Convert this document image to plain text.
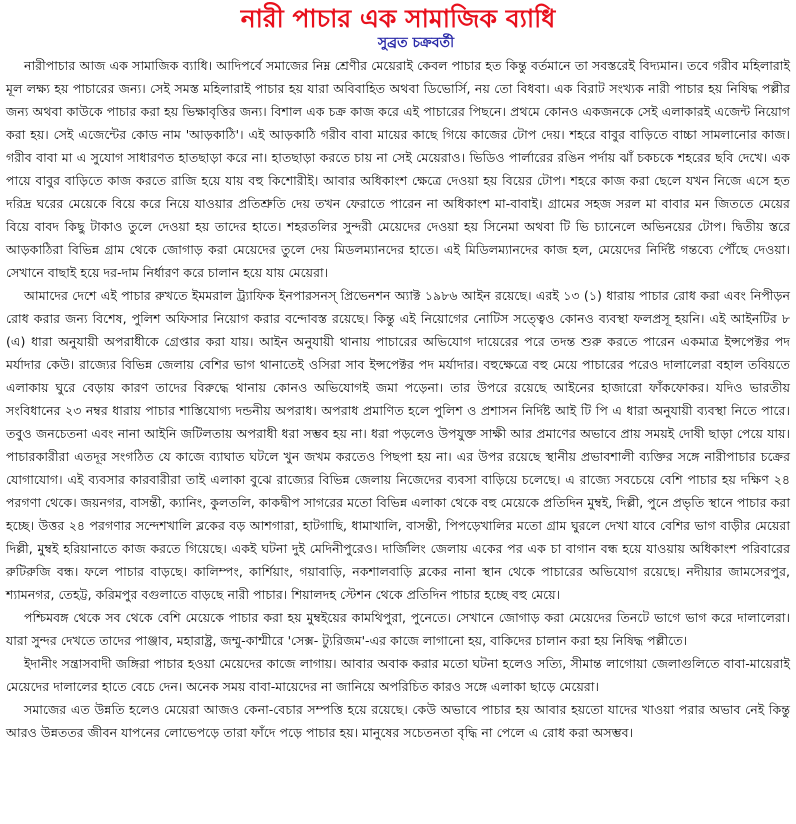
নারী পাচার এক সামাজিক ব্যাধি
সুব্রত চক্রবর্তী

নারীপাচার আজ এক সামাজিক ব্যাধি। আদিপর্বে সমাজের নিম্ন শ্রেণীর মেয়েরাই কেবল পাচার হত কিন্তু বর্তমানে তা সবস্তরেই বিদ্যমান। তবে গরীব মহিলারাই মূল লক্ষ্য হয় পাচারের জন্য। সেই সমস্ত মহিলারাই পাচার হয় যারা অবিবাহিত অথবা ডিভোর্সি, নয় তো বিধবা। এক বিরাট সংখ্যক নারী পাচার হয় নিষিদ্ধ পল্লীর জন্য অথবা কাউকে পাচার করা হয় ভিক্ষাবৃত্তির জন্য। বিশাল এক চক্র কাজ করে এই পাচারের পিছনে। প্রথমে কোনও একজনকে সেই এলাকারই এজেন্ট নিয়োগ করা হয়। সেই এজেন্টের কোড নাম 'আড়কাঠি'। এই আড়কাঠি গরীব বাবা মায়ের কাছে গিয়ে কাজের টোপ দেয়। শহরে বাবুর বাড়িতে বাচ্চা সামলানোর কাজ। গরীব বাবা মা এ সুযোগ সাধারণত হাতছাড়া করে না। হাতছাড়া করতে চায় না সেই মেয়েরাও। ভিডিও পার্লারের রঙিন পর্দায় ঝাঁ চকচকে শহরের ছবি দেখে। এক পায়ে বাবুর বাড়িতে কাজ করতে রাজি হয়ে যায় বহু কিশোরীই। আবার অধিকাংশ ক্ষেত্রে দেওয়া হয় বিয়ের টোপ। শহরে কাজ করা ছেলে যখন নিজে এসে হত দরিদ্র ঘরের মেয়েকে বিয়ে করে নিয়ে যাওয়ার প্রতিশ্রুতি দেয় তখন ফেরাতে পারেন না অধিকাংশ মা-বাবাই। গ্রামের সহজ সরল মা বাবার মন জিততে মেয়ের বিয়ে বাবদ কিছু টাকাও তুলে দেওয়া হয় তাদের হাতে। শহরতলির সুন্দরী মেয়েদের দেওয়া হয় সিনেমা অথবা টি ভি চ্যানেলে অভিনয়ের টোপ। দ্বিতীয় স্তরে আড়কাঠিরা বিভিন্ন গ্রাম থেকে জোগাড় করা মেয়েদের তুলে দেয় মিডলম্যানদের হাতে। এই মিডিলম্যানদের কাজ হল, মেয়েদের নির্দিষ্ট গন্তব্যে পৌঁছে দেওয়া। সেখানে বাছাই হয়ে দর-দাম নির্ধারণ করে চালান হয়ে যায় মেয়েরা।

আমাদের দেশে এই পাচার রুখতে ইমমরাল ট্র্যাফিক ইনপারসনস্‌ প্রিভেনশন অ্যাক্ট ১৯৮৬ আইন রয়েছে। এরই ১৩ (১) ধারায় পাচার রোধ করা এবং নিপীড়ন রোধ করার জন্য বিশেষ, পুলিশ অফিসার নিয়োগ করার বন্দোবস্ত রয়েছে। কিন্তু এই নিয়োগের নোটিস সত্ত্বেও কোনও ব্যবস্থা ফলপ্রসূ হয়নি। এই আইনটির ৮ (এ) ধারা অনুযায়ী অপরাধীকে গ্রেপ্তার করা যায়। আইন অনুযায়ী থানায় পাচারের অভিযোগ দায়েরের পরে তদন্ত শুরু করতে পারেন একমাত্র ইন্সপেক্টর পদ মর্যাদার কেউ। রাজ্যের বিভিন্ন জেলায় বেশির ভাগ থানাতেই ওসিরা সাব ইন্সপেক্টর পদ মর্যাদার। বহুক্ষেত্রে বহু মেয়ে পাচারের পরেও দালালেরা বহাল তবিয়তে এলাকায় ঘুরে বেড়ায় কারণ তাদের বিরুদ্ধে থানায় কোনও অভিযোগই জমা পড়েনা। তার উপরে রয়েছে আইনের হাজারো ফাঁকফোকর। যদিও ভারতীয় সংবিধানের ২৩ নম্বর ধারায় পাচার শাস্তিযোগ্য দন্ডনীয় অপরাধ। অপরাধ প্রমাণিত হলে পুলিশ ও প্রশাসন নির্দিষ্ট আই টি পি এ ধারা অনুযায়ী ব্যবস্থা নিতে পারে। তবুও জনচেতনা এবং নানা আইনি জটিলতায় অপরাধী ধরা সম্ভব হয় না। ধরা পড়লেও উপযুক্ত সাক্ষী আর প্রমাণের অভাবে প্রায় সময়ই দোষী ছাড়া পেয়ে যায়। পাচারকারীরা এতদূর সংগঠিত যে কাজে ব্যাঘাত ঘটলে খুন জখম করতেও পিছপা হয় না। এর উপর রয়েছে স্থানীয় প্রভাবশালী ব্যক্তির সঙ্গে নারীপাচার চক্রের যোগাযোগ। এই ব্যবসার কারবারীরা তাই এলাকা বুঝে রাজ্যের বিভিন্ন জেলায় নিজেদের ব্যবসা বাড়িয়ে চলেছে। এ রাজ্যে সবচেয়ে বেশি পাচার হয় দক্ষিণ ২৪ পরগণা থেকে। জয়নগর, বাসন্তী, ক্যানিং, কুলতলি, কাকদ্বীপ সাগরের মতো বিভিন্ন এলাকা থেকে বহু মেয়েকে প্রতিদিন মুম্বই, দিল্লী, পুনে প্রভৃতি স্থানে পাচার করা হচ্ছে। উত্তর ২৪ পরগণার সন্দেশখালি ব্লকের বড় আশগারা, হাটগাছি, ধামাখালি, বাসন্তী, পিপড়েখালির মতো গ্রাম ঘুরলে দেখা যাবে বেশির ভাগ বাড়ীর মেয়েরা দিল্লী, মুম্বই হরিয়ানাতে কাজ করতে গিয়েছে। একই ঘটনা দুই মেদিনীপুরেও। দার্জিলিং জেলায় একের পর এক চা বাগান বন্ধ হয়ে যাওয়ায় অধিকাংশ পরিবারের রুটিরুজি বন্ধ। ফলে পাচার বাড়ছে। কালিম্পং, কার্শিয়াং, গয়াবাড়ি, নকশালবাড়ি ব্লকের নানা স্থান থেকে পাচারের অভিযোগ রয়েছে। নদীয়ার জামসেরপুর, শ্যামনগর, তেহট্ট, করিমপুর বগুলাতে বাড়ছে নারী পাচার। শিয়ালদহ স্টেশন থেকে প্রতিদিন পাচার হচ্ছে বহু মেয়ে।

পশ্চিমবঙ্গ থেকে সব থেকে বেশি মেয়েকে পাচার করা হয় মুম্বইয়ের কামথিপুরা, পুনেতে। সেখানে জোগাড় করা মেয়েদের তিনটে ভাগে ভাগ করে দালালেরা। যারা সুন্দর দেখতে তাদের পাঞ্জাব, মহারাষ্ট্র, জম্মু-কাশ্মীরে 'সেক্স- ট্যুরিজম'-এর কাজে লাগানো হয়, বাকিদের চালান করা হয় নিষিদ্ধ পল্লীতে।

ইদানীং সন্ত্রাসবাদী জঙ্গিরা পাচার হওয়া মেয়েদের কাজে লাগায়। আবার অবাক করার মতো ঘটনা হলেও সত্যি, সীমান্ত লাগোয়া জেলাগুলিতে বাবা-মায়েরাই মেয়েদের দালালের হাতে বেচে দেন। অনেক সময় বাবা-মায়েদের না জানিয়ে অপরিচিত কারও সঙ্গে এলাকা ছাড়ে মেয়েরা।

সমাজের এত উন্নতি হলেও মেয়েরা আজও কেনা-বেচার সম্পত্তি হয়ে রয়েছে। কেউ অভাবে পাচার হয় আবার হয়তো যাদের খাওয়া পরার অভাব নেই কিন্তু আরও উন্নততর জীবন যাপনের লোভেপড়ে তারা ফাঁদে পড়ে পাচার হয়। মানুষের সচেতনতা বৃদ্ধি না পেলে এ রোধ করা অসম্ভব।
